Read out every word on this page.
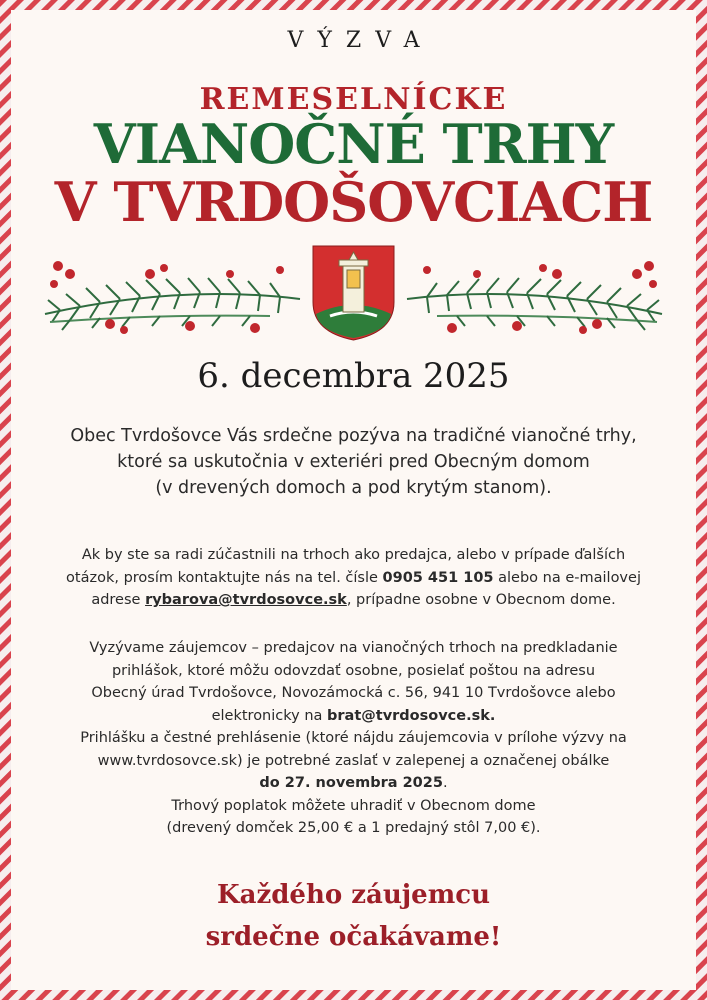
VÝZVA
REMESELNÍCKE
VIANOČNÉ TRHY
V TVRDOŠOVCIACH
6. decembra 2025
Obec Tvrdošovce Vás srdečne pozýva na tradičné vianočné trhy,
ktoré sa uskutočnia v exteriéri pred Obecným domom
(v drevených domoch a pod krytým stanom).
Ak by ste sa radi zúčastnili na trhoch ako predajca, alebo v prípade ďalších
otázok, prosím kontaktujte nás na tel. čísle 0905 451 105 alebo na e-mailovej
adrese rybarova@tvrdosovce.sk, prípadne osobne v Obecnom dome.
Vyzývame záujemcov – predajcov na vianočných trhoch na predkladanie
prihlášok, ktoré môžu odovzdať osobne, posielať poštou na adresu
Obecný úrad Tvrdošovce, Novozámocká c. 56, 941 10 Tvrdošovce alebo
elektronicky na brat@tvrdosovce.sk.
Prihlášku a čestné prehlásenie (ktoré nájdu záujemcovia v prílohe výzvy na
www.tvrdosovce.sk) je potrebné zaslať v zalepenej a označenej obálke
do 27. novembra 2025.
Trhový poplatok môžete uhradiť v Obecnom dome
(drevený domček 25,00 € a 1 predajný stôl 7,00 €).
Každého záujemcu
srdečne očakávame!
